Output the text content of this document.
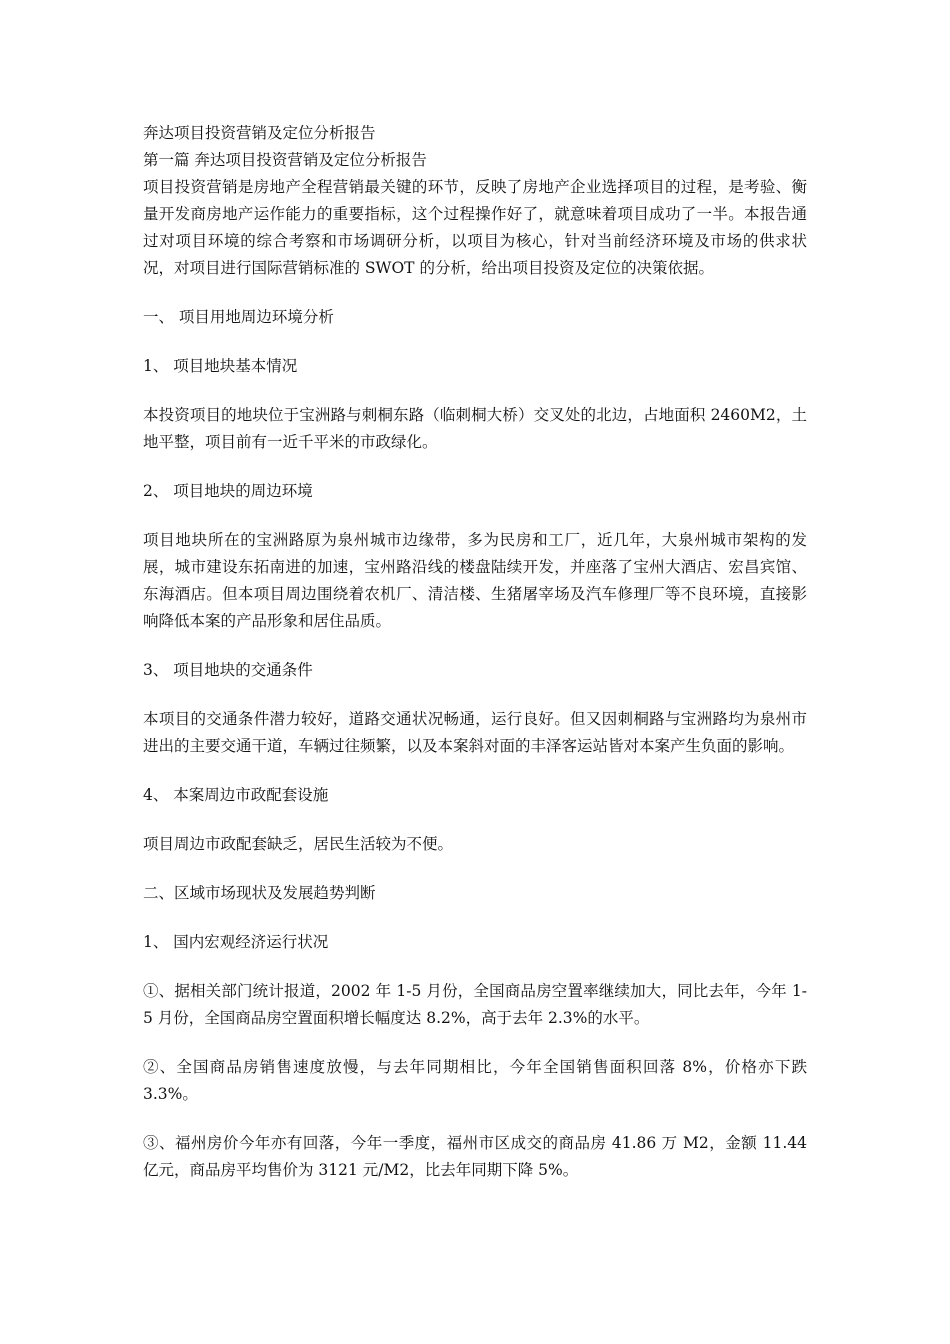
奔达项目投资营销及定位分析报告

第一篇 奔达项目投资营销及定位分析报告

项目投资营销是房地产全程营销最关键的环节，反映了房地产企业选择项目的过程，是考验、衡量开发商房地产运作能力的重要指标，这个过程操作好了，就意味着项目成功了一半。本报告通过对项目环境的综合考察和市场调研分析，以项目为核心，针对当前经济环境及市场的供求状况，对项目进行国际营销标准的 SWOT 的分析，给出项目投资及定位的决策依据。

一、 项目用地周边环境分析

1、 项目地块基本情况

本投资项目的地块位于宝洲路与刺桐东路（临刺桐大桥）交叉处的北边，占地面积 2460M2，土地平整，项目前有一近千平米的市政绿化。

2、 项目地块的周边环境

项目地块所在的宝洲路原为泉州城市边缘带，多为民房和工厂，近几年，大泉州城市架构的发展，城市建设东拓南进的加速，宝州路沿线的楼盘陆续开发，并座落了宝州大酒店、宏昌宾馆、东海酒店。但本项目周边围绕着农机厂、清洁楼、生猪屠宰场及汽车修理厂等不良环境，直接影响降低本案的产品形象和居住品质。

3、 项目地块的交通条件

本项目的交通条件潜力较好，道路交通状况畅通，运行良好。但又因刺桐路与宝洲路均为泉州市进出的主要交通干道，车辆过往频繁，以及本案斜对面的丰泽客运站皆对本案产生负面的影响。

4、 本案周边市政配套设施

项目周边市政配套缺乏，居民生活较为不便。

二、区域市场现状及发展趋势判断

1、 国内宏观经济运行状况

①、据相关部门统计报道，2002 年 1-5 月份，全国商品房空置率继续加大，同比去年，今年 1-5 月份，全国商品房空置面积增长幅度达 8.2%，高于去年 2.3%的水平。

②、全国商品房销售速度放慢，与去年同期相比，今年全国销售面积回落 8%，价格亦下跌 3.3%。

③、福州房价今年亦有回落，今年一季度，福州市区成交的商品房 41.86 万 M2，金额 11.44 亿元，商品房平均售价为 3121 元/M2，比去年同期下降 5%。
